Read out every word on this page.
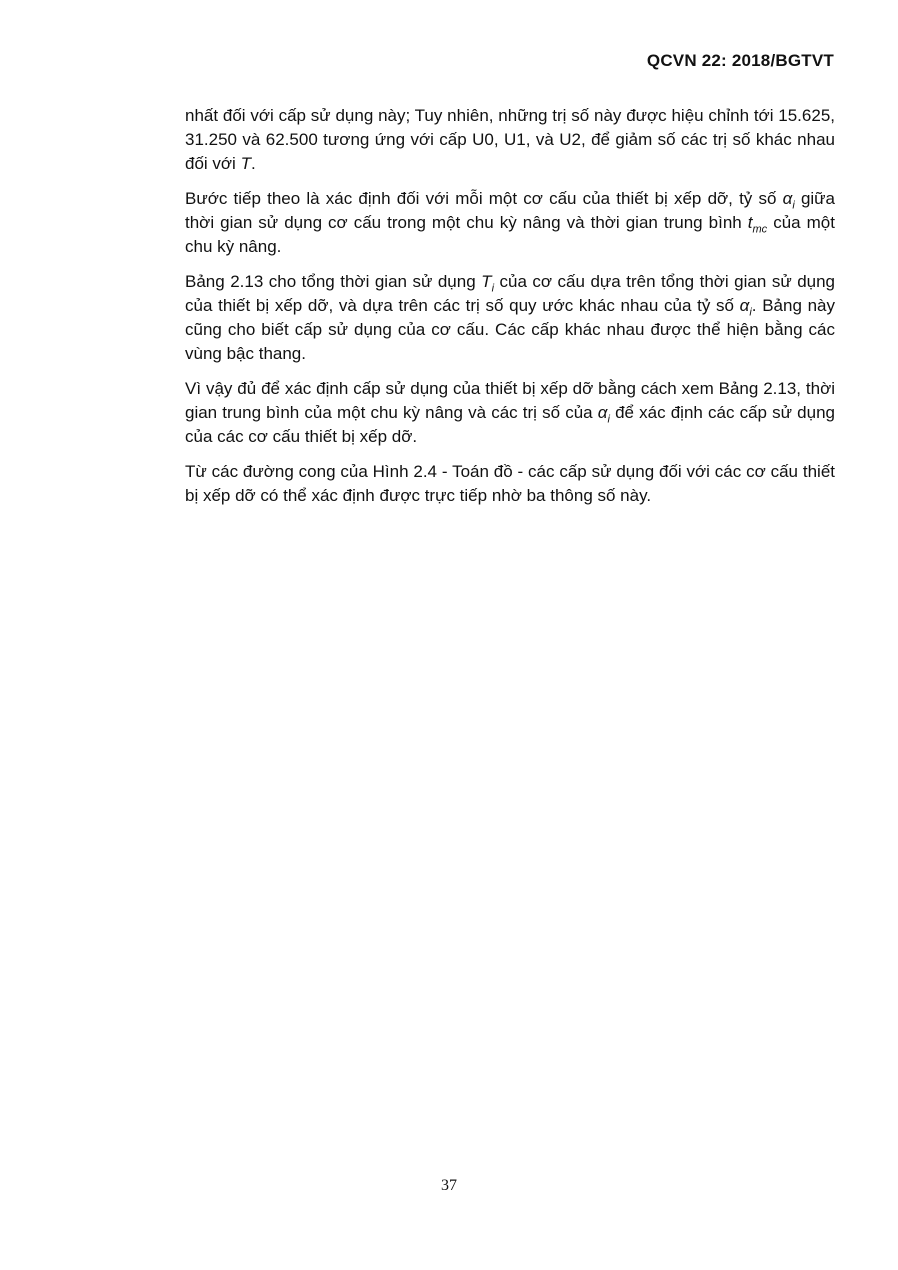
QCVN 22: 2018/BGTVT

nhất đối với cấp sử dụng này; Tuy nhiên, những trị số này được hiệu chỉnh tới 15.625, 31.250 và 62.500 tương ứng với cấp U0, U1, và U2, để giảm số các trị số khác nhau đối với T.

Bước tiếp theo là xác định đối với mỗi một cơ cấu của thiết bị xếp dỡ, tỷ số $\alpha_i$ giữa thời gian sử dụng cơ cấu trong một chu kỳ nâng và thời gian trung bình $t_{mc}$ của một chu kỳ nâng.

Bảng 2.13 cho tổng thời gian sử dụng $T_i$ của cơ cấu dựa trên tổng thời gian sử dụng của thiết bị xếp dỡ, và dựa trên các trị số quy ước khác nhau của tỷ số $\alpha_i$. Bảng này cũng cho biết cấp sử dụng của cơ cấu. Các cấp khác nhau được thể hiện bằng các vùng bậc thang.

Vì vậy đủ để xác định cấp sử dụng của thiết bị xếp dỡ bằng cách xem Bảng 2.13, thời gian trung bình của một chu kỳ nâng và các trị số của $\alpha_i$ để xác định các cấp sử dụng của các cơ cấu thiết bị xếp dỡ.

Từ các đường cong của Hình 2.4 - Toán đồ - các cấp sử dụng đối với các cơ cấu thiết bị xếp dỡ có thể xác định được trực tiếp nhờ ba thông số này.

37
